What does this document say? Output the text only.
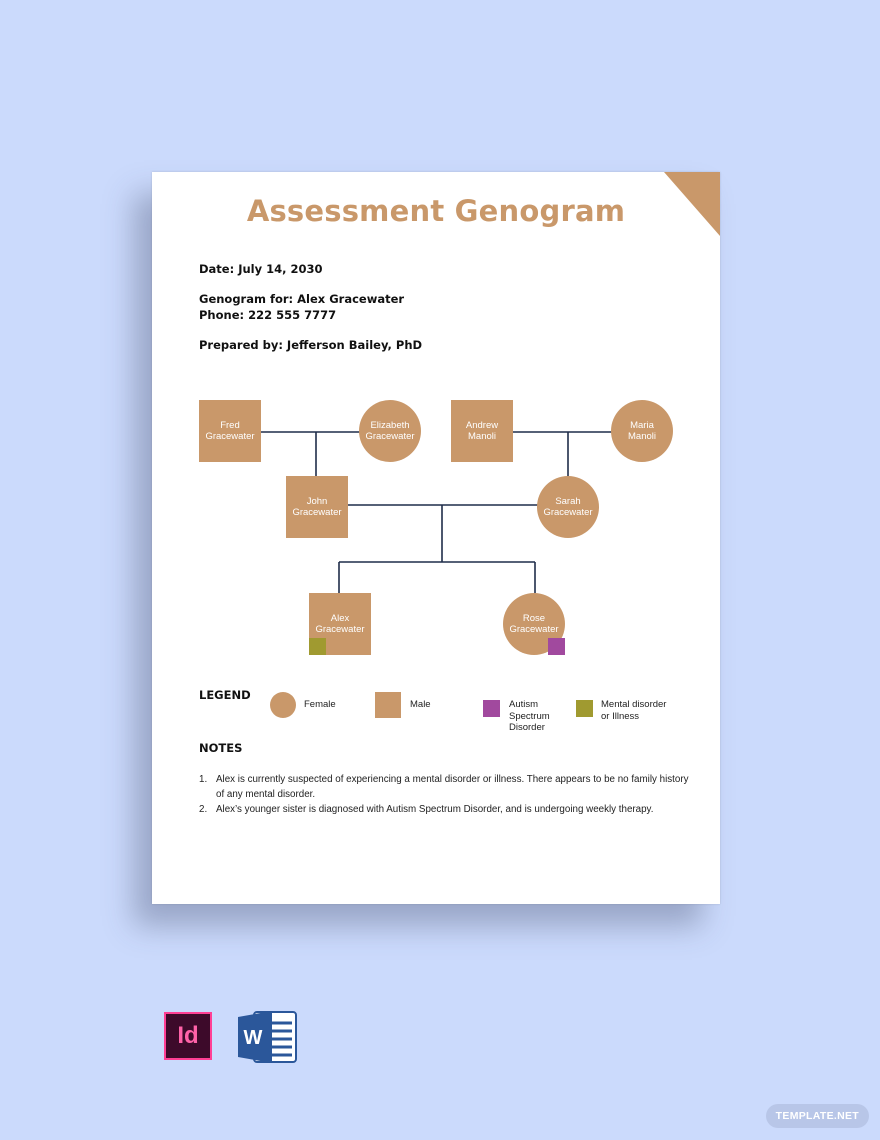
Assessment Genogram
Date: July 14, 2030
Genogram for: Alex Gracewater
Phone: 222 555 7777
Prepared by: Jefferson Bailey, PhD
Fred
Gracewater
Elizabeth
Gracewater
Andrew
Manoli
Maria
Manoli
John
Gracewater
Sarah
Gracewater
Alex
Gracewater
Rose
Gracewater
LEGEND
Female	Male	Autism
Spectrum
Disorder
Mental disorder
or Illness
NOTES
1. Alex is currently suspected of experiencing a mental disorder or illness. There appears to be no family history of any mental disorder.
2. Alex’s younger sister is diagnosed with Autism Spectrum Disorder, and is undergoing weekly therapy.
Id W
TEMPLATE.NET
